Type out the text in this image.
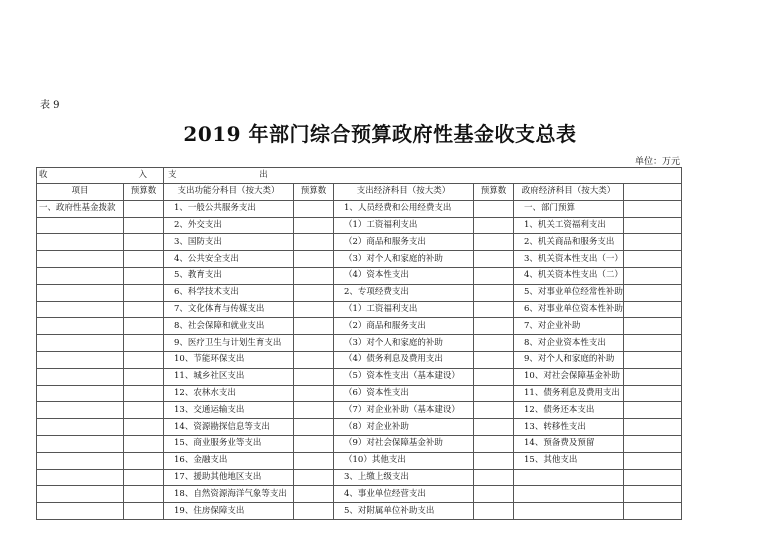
表 9
2019 年部门综合预算政府性基金收支总表
单位：万元
收 入		支 出					
项目	预算数	支出功能分科目（按大类）	预算数	支出经济科目（按大类）	预算数	政府经济科目（按大类）	
一、政府性基金拨款		1、一般公共服务支出		1、人员经费和公用经费支出		一、部门预算	
		2、外交支出		（1）工资福利支出		1、机关工资福利支出	
		3、国防支出		（2）商品和服务支出		2、机关商品和服务支出	
		4、公共安全支出		（3）对个人和家庭的补助		3、机关资本性支出（一）	
		5、教育支出		（4）资本性支出		4、机关资本性支出（二）	
		6、科学技术支出		2、专项经费支出		5、对事业单位经常性补助	
		7、文化体育与传媒支出		（1）工资福利支出		6、对事业单位资本性补助	
		8、社会保障和就业支出		（2）商品和服务支出		7、对企业补助	
		9、医疗卫生与计划生育支出		（3）对个人和家庭的补助		8、对企业资本性支出	
		10、节能环保支出		（4）债务利息及费用支出		9、对个人和家庭的补助	
		11、城乡社区支出		（5）资本性支出（基本建设）		10、对社会保障基金补助	
		12、农林水支出		（6）资本性支出		11、债务利息及费用支出	
		13、交通运输支出		（7）对企业补助（基本建设）		12、债务还本支出	
		14、资源勘探信息等支出		（8）对企业补助		13、转移性支出	
		15、商业服务业等支出		（9）对社会保障基金补助		14、预备费及预留	
		16、金融支出		（10）其他支出		15、其他支出	
		17、援助其他地区支出		3、上缴上级支出			
		18、自然资源海洋气象等支出		4、事业单位经营支出			
		19、住房保障支出		5、对附属单位补助支出			
